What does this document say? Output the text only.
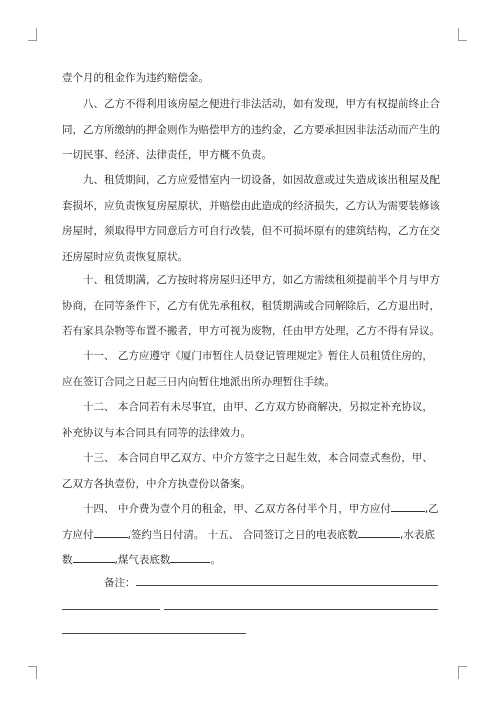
壹个月的租金作为违约赔偿金。

八、乙方不得利用该房屋之便进行非法活动，如有发现，甲方有权提前终止合同，乙方所缴纳的押金则作为赔偿甲方的违约金，乙方要承担因非法活动而产生的一切民事、经济、法律责任，甲方概不负责。

九、租赁期间，乙方应爱惜室内一切设备，如因故意或过失造成该出租屋及配套损坏，应负责恢复房屋原状，并赔偿由此造成的经济损失，乙方认为需要装修该房屋时，须取得甲方同意后方可自行改装，但不可损坏原有的建筑结构，乙方在交还房屋时应负责恢复原状。

十、租赁期满，乙方按时将房屋归还甲方，如乙方需续租须提前半个月与甲方协商，在同等条件下，乙方有优先承租权，租赁期满或合同解除后，乙方退出时，若有家具杂物等布置不搬者，甲方可视为废物，任由甲方处理，乙方不得有异议。

十一、 乙方应遵守《厦门市暂住人员登记管理规定》暂住人员租赁住房的，应在签订合同之日起三日内向暂住地派出所办理暂住手续。

十二、 本合同若有未尽事宜，由甲、乙方双方协商解决，另拟定补充协议，补充协议与本合同具有同等的法律效力。

十三、 本合同自甲乙双方、中介方签字之日起生效，本合同壹式叁份，甲、乙双方各执壹份，中介方执壹份以备案。

十四、 中介费为壹个月的租金，甲、乙双方各付半个月，甲方应付	,乙方应付	,签约当日付清。 十五、 合同签订之日的电表底数	,水表底数	,煤气表底数	。

备注：
